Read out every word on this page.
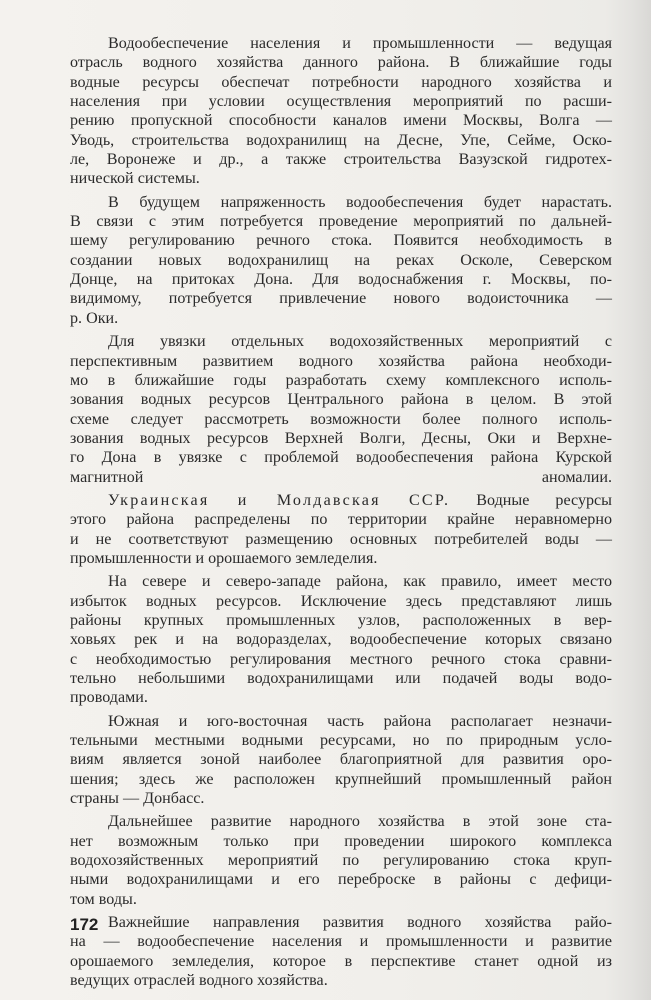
Водообеспечение населения и промышленности — ведущая
отрасль водного хозяйства данного района. В ближайшие годы
водные ресурсы обеспечат потребности народного хозяйства и
населения при условии осуществления мероприятий по расши-
рению пропускной способности каналов имени Москвы, Волга —
Уводь, строительства водохранилищ на Десне, Упе, Сейме, Оско-
ле, Воронеже и др., а также строительства Вазузской гидротех-
нической системы.
В будущем напряженность водообеспечения будет нарастать.
В связи с этим потребуется проведение мероприятий по дальней-
шему регулированию речного стока. Появится необходимость в
создании новых водохранилищ на реках Осколе, Северском
Донце, на притоках Дона. Для водоснабжения г. Москвы, по-
видимому, потребуется привлечение нового водоисточника —
р. Оки.
Для увязки отдельных водохозяйственных мероприятий с
перспективным развитием водного хозяйства района необходи-
мо в ближайшие годы разработать схему комплексного исполь-
зования водных ресурсов Центрального района в целом. В этой
схеме следует рассмотреть возможности более полного исполь-
зования водных ресурсов Верхней Волги, Десны, Оки и Верхне-
го Дона в увязке с проблемой водообеспечения района Курской
магнитной аномалии.
Украинская и Молдавская ССР. Водные ресурсы
этого района распределены по территории крайне неравномерно
и не соответствуют размещению основных потребителей воды —
промышленности и орошаемого земледелия.
На севере и северо-западе района, как правило, имеет место
избыток водных ресурсов. Исключение здесь представляют лишь
районы крупных промышленных узлов, расположенных в вер-
ховьях рек и на водоразделах, водообеспечение которых связано
с необходимостью регулирования местного речного стока сравни-
тельно небольшими водохранилищами или подачей воды водо-
проводами.
Южная и юго-восточная часть района располагает незначи-
тельными местными водными ресурсами, но по природным усло-
виям является зоной наиболее благоприятной для развития оро-
шения; здесь же расположен крупнейший промышленный район
страны — Донбасс.
Дальнейшее развитие народного хозяйства в этой зоне ста-
нет возможным только при проведении широкого комплекса
водохозяйственных мероприятий по регулированию стока круп-
ными водохранилищами и его переброске в районы с дефици-
том воды.
Важнейшие направления развития водного хозяйства райо-
на — водообеспечение населения и промышленности и развитие
орошаемого земледелия, которое в перспективе станет одной из
ведущих отраслей водного хозяйства.
172
